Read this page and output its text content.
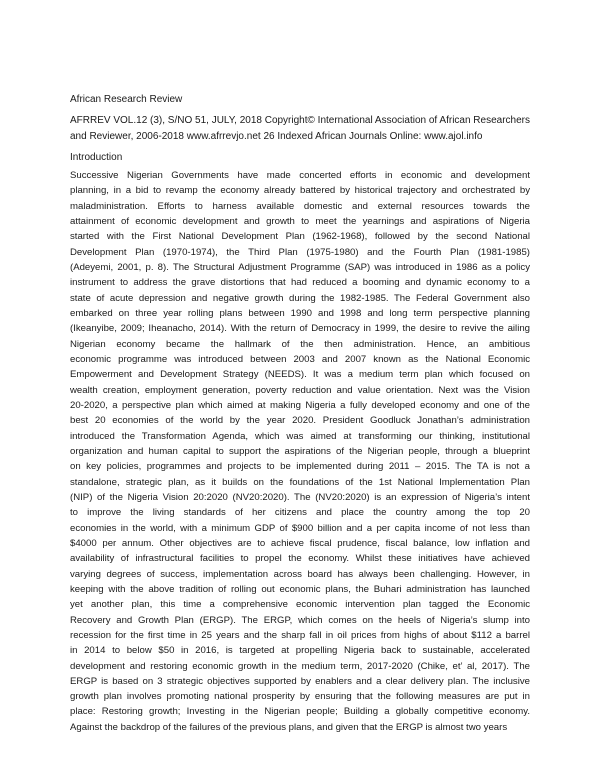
African Research Review
AFRREV VOL.12 (3), S/NO 51, JULY, 2018 Copyright© International Association of African Researchers
and Reviewer, 2006-2018 www.afrrevjo.net 26 Indexed African Journals Online: www.ajol.info
Introduction
Successive Nigerian Governments have made concerted efforts in economic and development
planning, in a bid to revamp the economy already battered by historical trajectory and orchestrated by
maladministration. Efforts to harness available domestic and external resources towards the
attainment of economic development and growth to meet the yearnings and aspirations of Nigeria
started with the First National Development Plan (1962-1968), followed by the second National
Development Plan (1970-1974), the Third Plan (1975-1980) and the Fourth Plan (1981-1985)
(Adeyemi, 2001, p. 8). The Structural Adjustment Programme (SAP) was introduced in 1986 as a policy
instrument to address the grave distortions that had reduced a booming and dynamic economy to a
state of acute depression and negative growth during the 1982-1985. The Federal Government also
embarked on three year rolling plans between 1990 and 1998 and long term perspective planning
(Ikeanyibe, 2009; Iheanacho, 2014). With the return of Democracy in 1999, the desire to revive the ailing
Nigerian economy became the hallmark of the then administration. Hence, an ambitious
economic programme was introduced between 2003 and 2007 known as the National Economic
Empowerment and Development Strategy (NEEDS). It was a medium term plan which focused on
wealth creation, employment generation, poverty reduction and value orientation. Next was the Vision
20-2020, a perspective plan which aimed at making Nigeria a fully developed economy and one of the
best 20 economies of the world by the year 2020. President Goodluck Jonathan’s administration
introduced the Transformation Agenda, which was aimed at transforming our thinking, institutional
organization and human capital to support the aspirations of the Nigerian people, through a blueprint
on key policies, programmes and projects to be implemented during 2011 – 2015. The TA is not a
standalone, strategic plan, as it builds on the foundations of the 1st National Implementation Plan
(NIP) of the Nigeria Vision 20:2020 (NV20:2020). The (NV20:2020) is an expression of Nigeria’s intent
to improve the living standards of her citizens and place the country among the top 20
economies in the world, with a minimum GDP of $900 billion and a per capita income of not less than
$4000 per annum. Other objectives are to achieve fiscal prudence, fiscal balance, low inflation and
availability of infrastructural facilities to propel the economy. Whilst these initiatives have achieved
varying degrees of success, implementation across board has always been challenging. However, in
keeping with the above tradition of rolling out economic plans, the Buhari administration has launched
yet another plan, this time a comprehensive economic intervention plan tagged the Economic
Recovery and Growth Plan (ERGP). The ERGP, which comes on the heels of Nigeria’s slump into
recession for the first time in 25 years and the sharp fall in oil prices from highs of about $112 a barrel
in 2014 to below $50 in 2016, is targeted at propelling Nigeria back to sustainable, accelerated
development and restoring economic growth in the medium term, 2017-2020 (Chike, et’ al, 2017). The
ERGP is based on 3 strategic objectives supported by enablers and a clear delivery plan. The inclusive
growth plan involves promoting national prosperity by ensuring that the following measures are put in
place: Restoring growth; Investing in the Nigerian people; Building a globally competitive economy.
Against the backdrop of the failures of the previous plans, and given that the ERGP is almost two years
